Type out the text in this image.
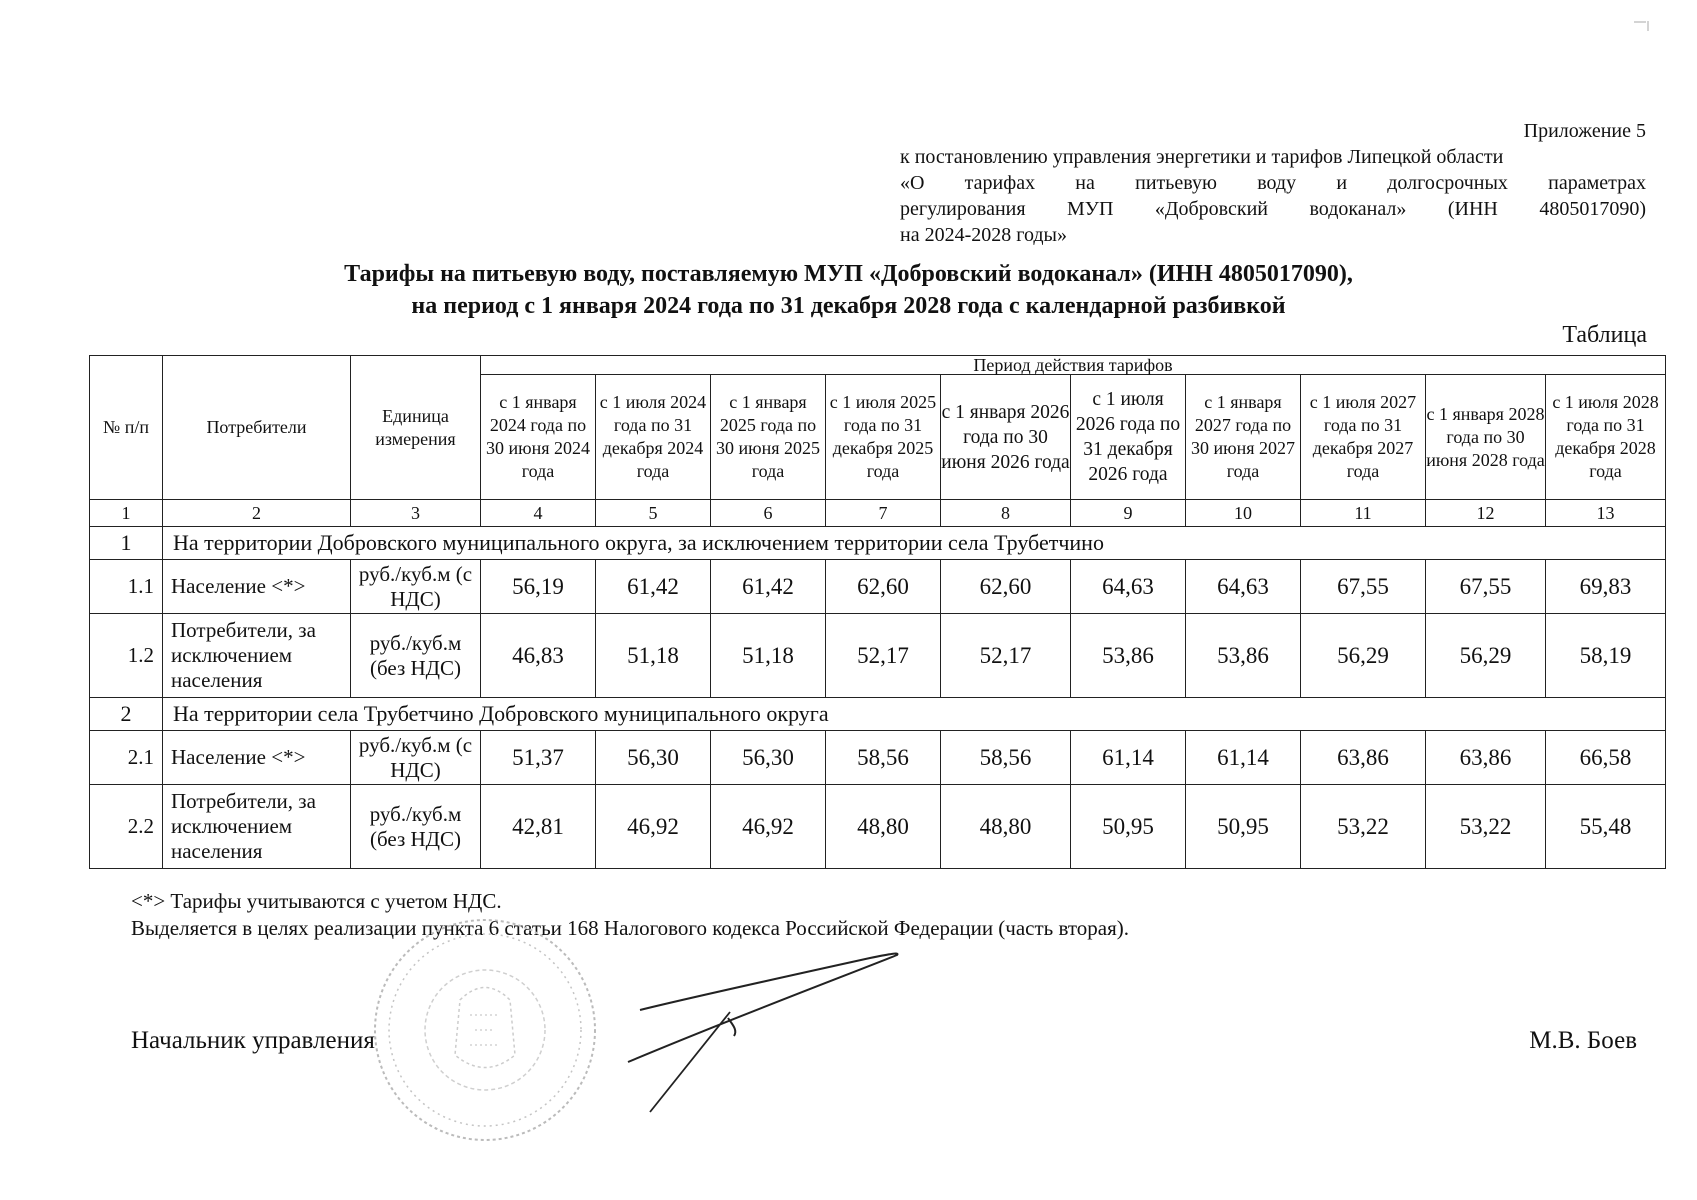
Приложение 5
к постановлению управления энергетики и тарифов Липецкой области
«О тарифах на питьевую воду и долгосрочных параметрах
регулирования МУП «Добровский водоканал» (ИНН 4805017090)
на 2024-2028 годы»
Тарифы на питьевую воду, поставляемую МУП «Добровский водоканал» (ИНН 4805017090),
на период с 1 января 2024 года по 31 декабря 2028 года с календарной разбивкой
Таблица
№ п/п	Потребители	Единица измерения	Период действия тарифов									
			с 1 января 2024 года по 30 июня 2024 года	с 1 июля 2024 года по 31 декабря 2024 года	с 1 января 2025 года по 30 июня 2025 года	с 1 июля 2025 года по 31 декабря 2025 года	с 1 января 2026 года по 30 июня 2026 года	с 1 июля 2026 года по 31 декабря 2026 года	с 1 января 2027 года по 30 июня 2027 года	с 1 июля 2027 года по 31 декабря 2027 года	с 1 января 2028 года по 30 июня 2028 года	с 1 июля 2028 года по 31 декабря 2028 года
1	2	3	4	5	6	7	8	9	10	11	12	13
1	На территории Добровского муниципального округа, за исключением территории села Трубетчино											
1.1	Население <*>	руб./куб.м (с НДС)	56,19	61,42	61,42	62,60	62,60	64,63	64,63	67,55	67,55	69,83
1.2	Потребители, за исключением населения	руб./куб.м (без НДС)	46,83	51,18	51,18	52,17	52,17	53,86	53,86	56,29	56,29	58,19
2	На территории села Трубетчино Добровского муниципального округа											
2.1	Население <*>	руб./куб.м (с НДС)	51,37	56,30	56,30	58,56	58,56	61,14	61,14	63,86	63,86	66,58
2.2	Потребители, за исключением населения	руб./куб.м (без НДС)	42,81	46,92	46,92	48,80	48,80	50,95	50,95	53,22	53,22	55,48
<*> Тарифы учитываются с учетом НДС.
Выделяется в целях реализации пункта 6 статьи 168 Налогового кодекса Российской Федерации (часть вторая).
Начальник управления	М.В. Боев
